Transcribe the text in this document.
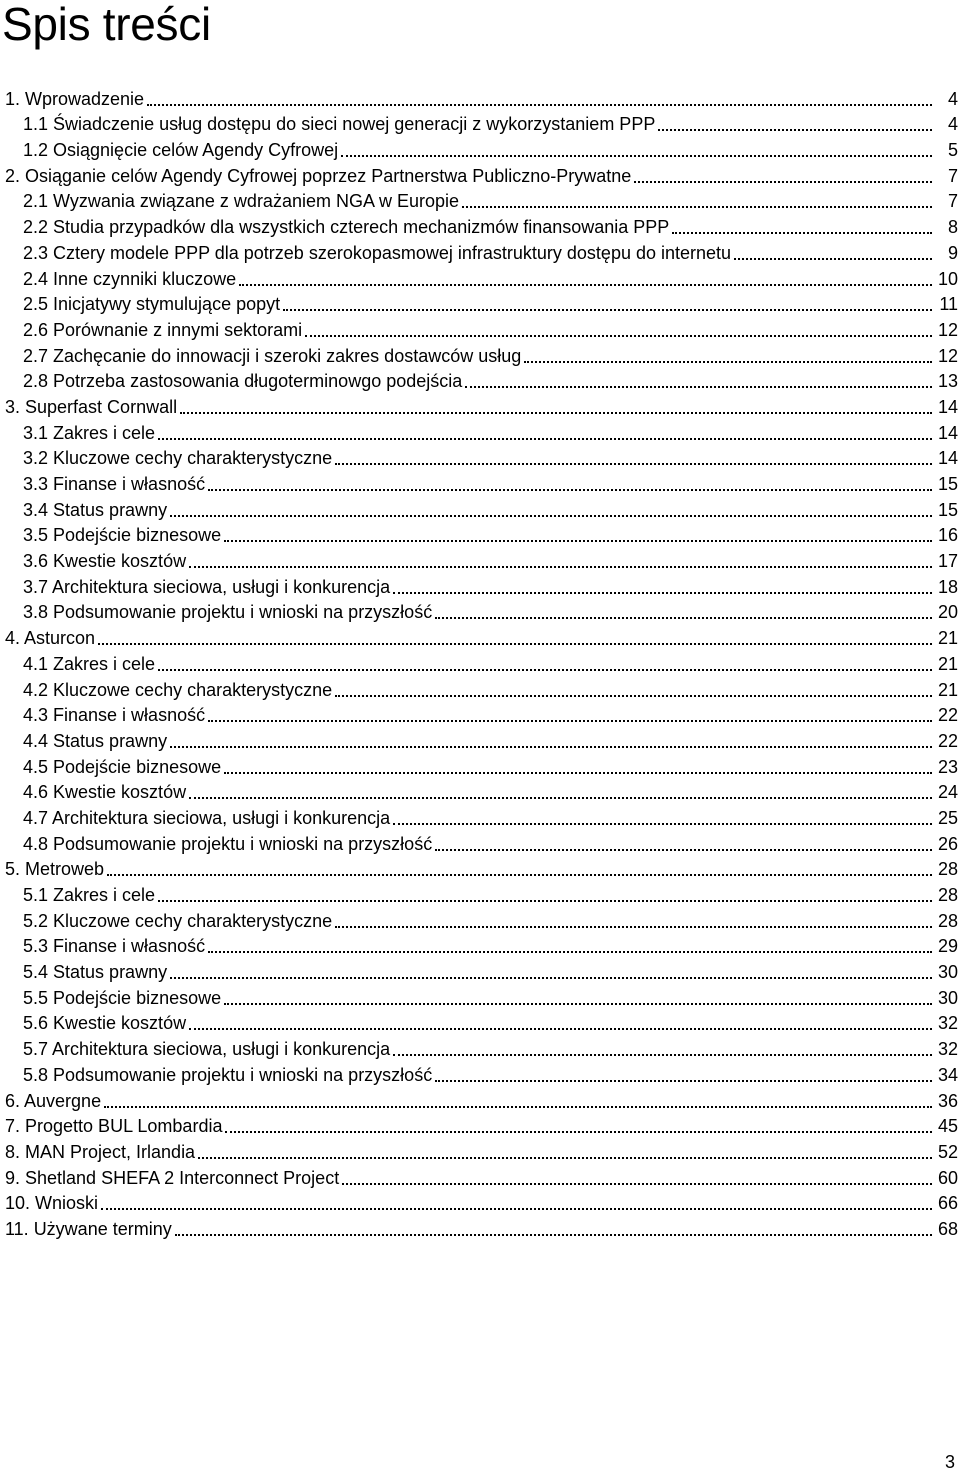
Spis treści
1. Wprowadzenie	4
1.1 Świadczenie usług dostępu do sieci nowej generacji z wykorzystaniem PPP	4
1.2 Osiągnięcie celów Agendy Cyfrowej	5
2. Osiąganie celów Agendy Cyfrowej poprzez Partnerstwa Publiczno-Prywatne	7
2.1 Wyzwania związane z wdrażaniem NGA w Europie	7
2.2 Studia przypadków dla wszystkich czterech mechanizmów finansowania PPP	8
2.3 Cztery modele PPP dla potrzeb szerokopasmowej infrastruktury dostępu do internetu	9
2.4 Inne czynniki kluczowe	10
2.5 Inicjatywy stymulujące popyt	11
2.6 Porównanie z innymi sektorami	12
2.7 Zachęcanie do innowacji i szeroki zakres dostawców usług	12
2.8 Potrzeba zastosowania długoterminowgo podejścia	13
3. Superfast Cornwall	14
3.1 Zakres i cele	14
3.2 Kluczowe cechy charakterystyczne	14
3.3 Finanse i własność	15
3.4 Status prawny	15
3.5 Podejście biznesowe	16
3.6 Kwestie kosztów	17
3.7 Architektura sieciowa, usługi i konkurencja	18
3.8 Podsumowanie projektu i wnioski na przyszłość	20
4. Asturcon	21
4.1 Zakres i cele	21
4.2 Kluczowe cechy charakterystyczne	21
4.3 Finanse i własność	22
4.4 Status prawny	22
4.5 Podejście biznesowe	23
4.6 Kwestie kosztów	24
4.7 Architektura sieciowa, usługi i konkurencja	25
4.8 Podsumowanie projektu i wnioski na przyszłość	26
5. Metroweb	28
5.1 Zakres i cele	28
5.2 Kluczowe cechy charakterystyczne	28
5.3 Finanse i własność	29
5.4 Status prawny	30
5.5 Podejście biznesowe	30
5.6 Kwestie kosztów	32
5.7 Architektura sieciowa, usługi i konkurencja	32
5.8 Podsumowanie projektu i wnioski na przyszłość	34
6. Auvergne	36
7. Progetto BUL Lombardia	45
8. MAN Project, Irlandia	52
9. Shetland SHEFA 2 Interconnect Project	60
10. Wnioski	66
11. Używane terminy	68
3
